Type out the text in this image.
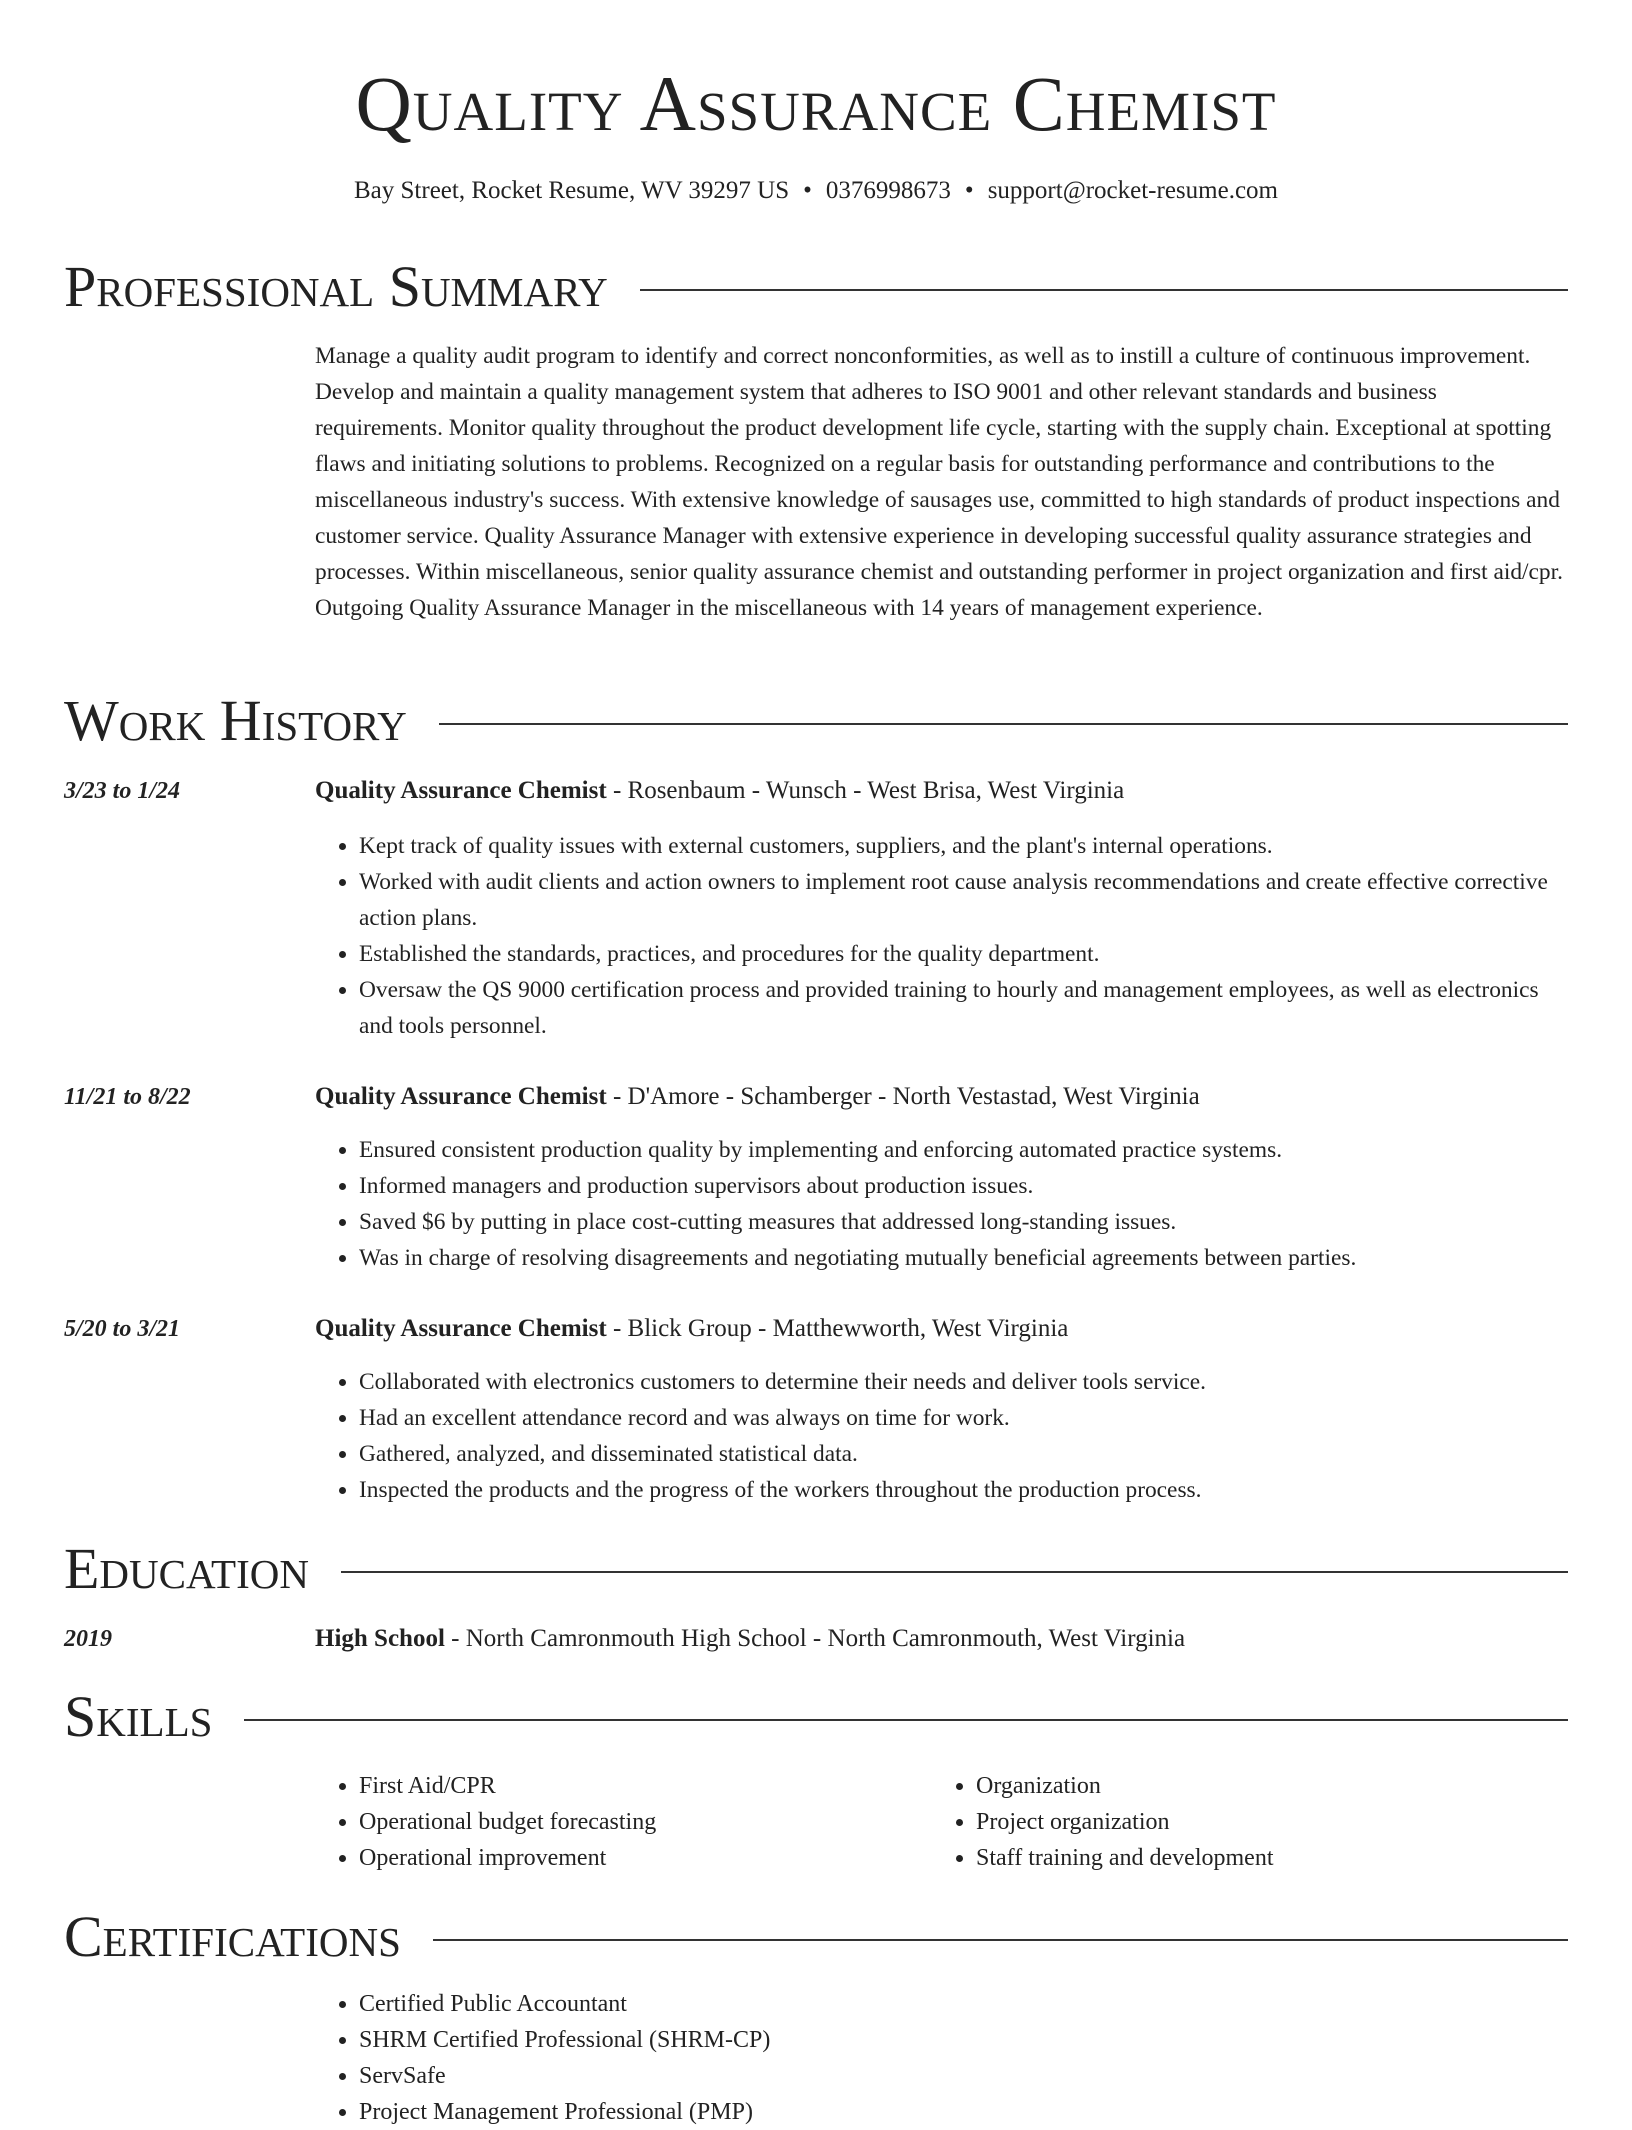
Quality Assurance Chemist
Bay Street, Rocket Resume, WV 39297 US • 0376998673 • support@rocket-resume.com
Professional Summary

Manage a quality audit program to identify and correct nonconformities, as well as to instill a culture of continuous improvement. Develop and maintain a quality management system that adheres to ISO 9001 and other relevant standards and business requirements. Monitor quality throughout the product development life cycle, starting with the supply chain. Exceptional at spotting flaws and initiating solutions to problems. Recognized on a regular basis for outstanding performance and contributions to the miscellaneous industry's success. With extensive knowledge of sausages use, committed to high standards of product inspections and customer service. Quality Assurance Manager with extensive experience in developing successful quality assurance strategies and processes. Within miscellaneous, senior quality assurance chemist and outstanding performer in project organization and first aid/cpr. Outgoing Quality Assurance Manager in the miscellaneous with 14 years of management experience.

Work History
3/23 to 1/24	Quality Assurance Chemist - Rosenbaum - Wunsch - West Brisa, West Virginia
• Kept track of quality issues with external customers, suppliers, and the plant's internal operations.
• Worked with audit clients and action owners to implement root cause analysis recommendations and create effective corrective action plans.
• Established the standards, practices, and procedures for the quality department.
• Oversaw the QS 9000 certification process and provided training to hourly and management employees, as well as electronics and tools personnel.
11/21 to 8/22	Quality Assurance Chemist - D'Amore - Schamberger - North Vestastad, West Virginia
• Ensured consistent production quality by implementing and enforcing automated practice systems.
• Informed managers and production supervisors about production issues.
• Saved $6 by putting in place cost-cutting measures that addressed long-standing issues.
• Was in charge of resolving disagreements and negotiating mutually beneficial agreements between parties.
5/20 to 3/21	Quality Assurance Chemist - Blick Group - Matthewworth, West Virginia
• Collaborated with electronics customers to determine their needs and deliver tools service.
• Had an excellent attendance record and was always on time for work.
• Gathered, analyzed, and disseminated statistical data.
• Inspected the products and the progress of the workers throughout the production process.
Education
2019	High School - North Camronmouth High School - North Camronmouth, West Virginia
Skills
• First Aid/CPR
• Operational budget forecasting
• Operational improvement
• Organization
• Project organization
• Staff training and development
Certifications
• Certified Public Accountant
• SHRM Certified Professional (SHRM-CP)
• ServSafe
• Project Management Professional (PMP)
